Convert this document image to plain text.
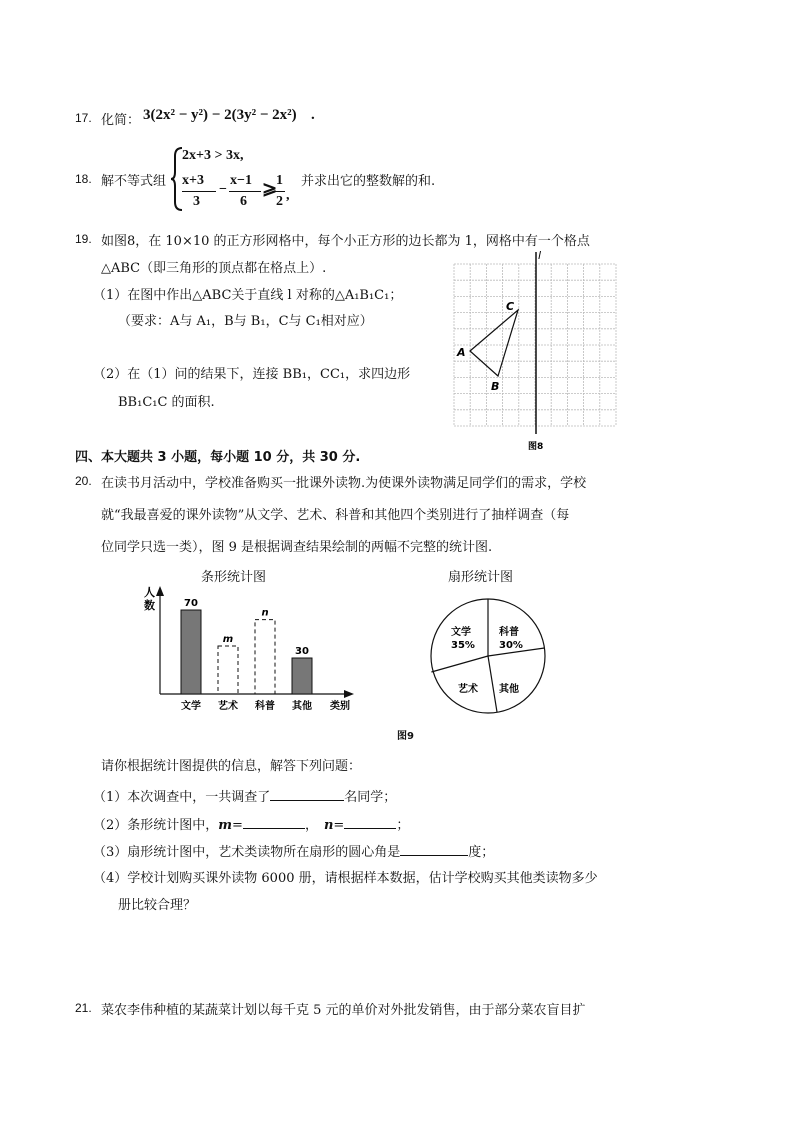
17. 化简： 3(2x² − y²) − 2(3y² − 2x²) .
18. 解不等式组
2x+3 > 3x,
x+3
3
−
x−1
6
⩾
1
2 ,
并求出它的整数解的和.
19. 如图8，在 10×10 的正方形网格中，每个小正方形的边长都为 1，网格中有一个格点
△ABC（即三角形的顶点都在格点上）.
（1）在图中作出△ABC关于直线 l 对称的△A₁B₁C₁；
（要求：A与 A₁，B与 B₁，C与 C₁相对应）
（2）在（1）问的结果下，连接 BB₁，CC₁，求四边形
BB₁C₁C 的面积.
l
A
B
C
图8
四、本大题共 3 小题，每小题 10 分，共 30 分.
20. 在读书月活动中，学校准备购买一批课外读物.为使课外读物满足同学们的需求，学校
就“我最喜爱的课外读物”从文学、艺术、科普和其他四个类别进行了抽样调查（每
位同学只选一类），图 9 是根据调查结果绘制的两幅不完整的统计图.
条形统计图
人
数
类别
70
文学
m
艺术
n
科普
30
其他
扇形统计图
文学
35%
科普
30%
其他
艺术
图9
请你根据统计图提供的信息，解答下列问题：
（1）本次调查中，一共调查了	名同学；
（2）条形统计图中，m=	， n=	；
（3）扇形统计图中，艺术类读物所在扇形的圆心角是	度；
（4）学校计划购买课外读物 6000 册，请根据样本数据，估计学校购买其他类读物多少
册比较合理？
21. 菜农李伟种植的某蔬菜计划以每千克 5 元的单价对外批发销售，由于部分菜农盲目扩
